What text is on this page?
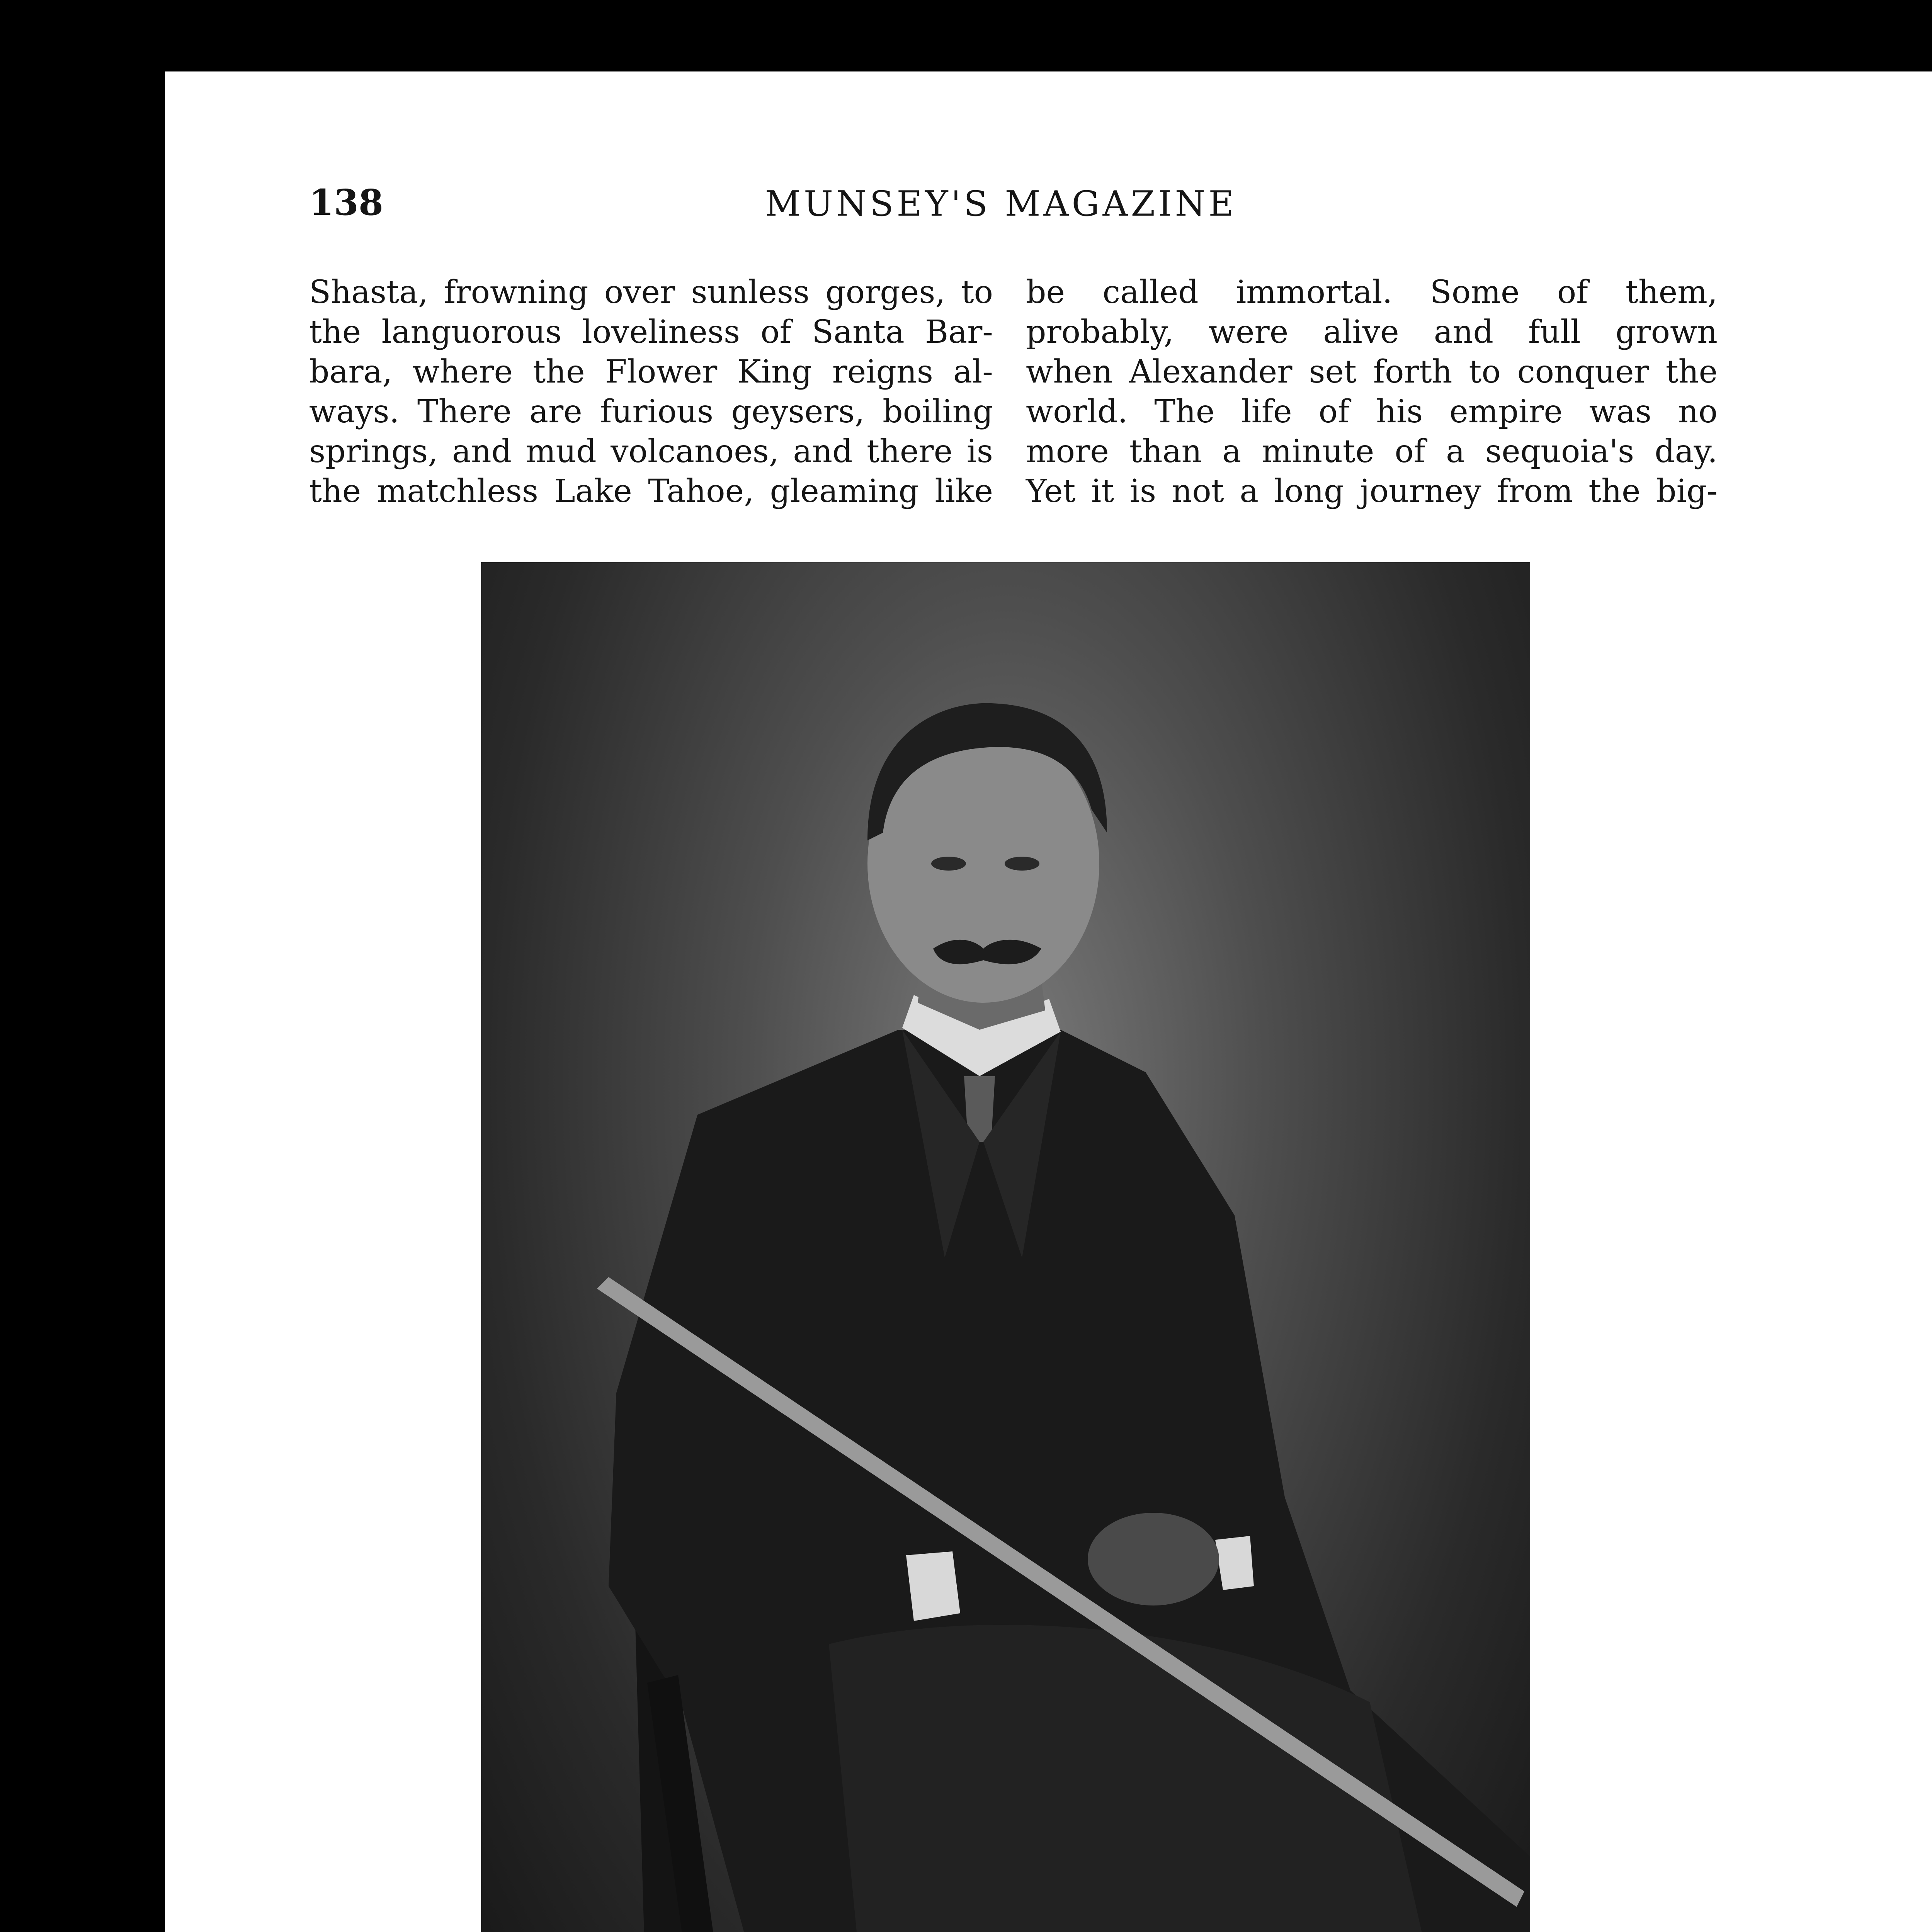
138	MUNSEY'S MAGAZINE
Shasta, frowning over sunless gorges, to
the languorous loveliness of Santa Bar-
bara, where the Flower King reigns al-
ways. There are furious geysers, boiling
springs, and mud volcanoes, and there is
the matchless Lake Tahoe, gleaming like
be called immortal. Some of them,
probably, were alive and full grown
when Alexander set forth to conquer the
world. The life of his empire was no
more than a minute of a sequoia's day.
Yet it is not a long journey from the big-
